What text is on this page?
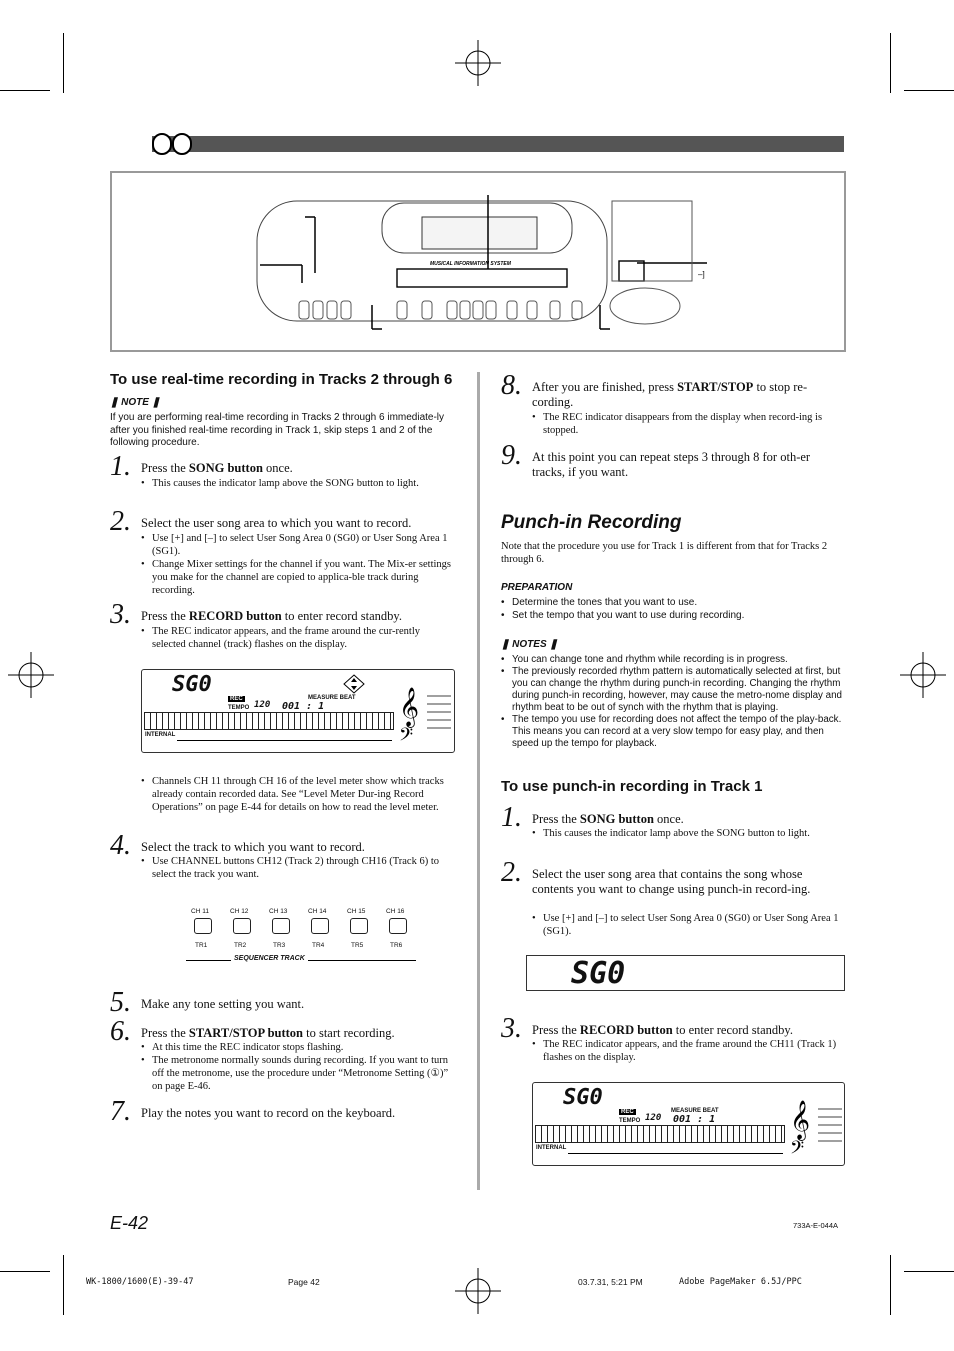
–]
MUSICAL INFORMATION SYSTEM
To use real-time recording in Tracks 2 through 6
❚ NOTE ❚
If you are performing real-time recording in Tracks 2 through 6 immediate-ly after you finished real-time recording in Track 1, skip steps 1 and 2 of the following procedure.
1. Press the SONG button once.
• This causes the indicator lamp above the SONG button to light.
2. Select the user song area to which you want to record.
• Use [+] and [–] to select User Song Area 0 (SG0) or User Song Area 1 (SG1).
• Change Mixer settings for the channel if you want. The Mix-er settings you make for the channel are copied to applica-ble track during recording.
3. Press the RECORD button to enter record standby.
• The REC indicator appears, and the frame around the cur-rently selected channel (track) flashes on the display.
SG0
REC
TEMPO 120
MEASURE BEAT
001 : 1
INTERNAL
𝄞
𝄢
• Channels CH 11 through CH 16 of the level meter show which tracks already contain recorded data. See “Level Meter Dur-ing Record Operations” on page E-44 for details on how to read the level meter.
4. Select the track to which you want to record.
• Use CHANNEL buttons CH12 (Track 2) through CH16 (Track 6) to select the track you want.
CH 11	CH 12	CH 13	CH 14	CH 15	CH 16
TR1	TR2	TR3	TR4	TR5	TR6
SEQUENCER TRACK
5. Make any tone setting you want.
6. Press the START/STOP button to start recording.
• At this time the REC indicator stops flashing.
• The metronome normally sounds during recording. If you want to turn off the metronome, use the procedure under “Metronome Setting (①)” on page E-46.
7. Play the notes you want to record on the keyboard.
8. After you are finished, press START/STOP to stop re-cording.
• The REC indicator disappears from the display when record-ing is stopped.
9. At this point you can repeat steps 3 through 8 for oth-er tracks, if you want.
Punch-in Recording
Note that the procedure you use for Track 1 is different from that for Tracks 2 through 6.
PREPARATION
• Determine the tones that you want to use.
• Set the tempo that you want to use during recording.
❚ NOTES ❚
• You can change tone and rhythm while recording is in progress.
• The previously recorded rhythm pattern is automatically selected at first, but you can change the rhythm during punch-in recording. Changing the rhythm during punch-in recording, however, may cause the metro-nome display and rhythm beat to be out of synch with the rhythm that is playing.
• The tempo you use for recording does not affect the tempo of the play-back. This means you can record at a very slow tempo for easy play, and then speed up the tempo for playback.
To use punch-in recording in Track 1
1. Press the SONG button once.
• This causes the indicator lamp above the SONG button to light.
2. Select the user song area that contains the song whose contents you want to change using punch-in record-ing.
• Use [+] and [–] to select User Song Area 0 (SG0) or User Song Area 1 (SG1).
SG0
3. Press the RECORD button to enter record standby.
• The REC indicator appears, and the frame around the CH11 (Track 1) flashes on the display.
SG0
REC
TEMPO 120
MEASURE BEAT
001 : 1
INTERNAL
𝄞
𝄢
E-42	733A-E-044A
WK-1800/1600(E)-39-47	Page 42	03.7.31, 5:21 PM	Adobe PageMaker 6.5J/PPC
